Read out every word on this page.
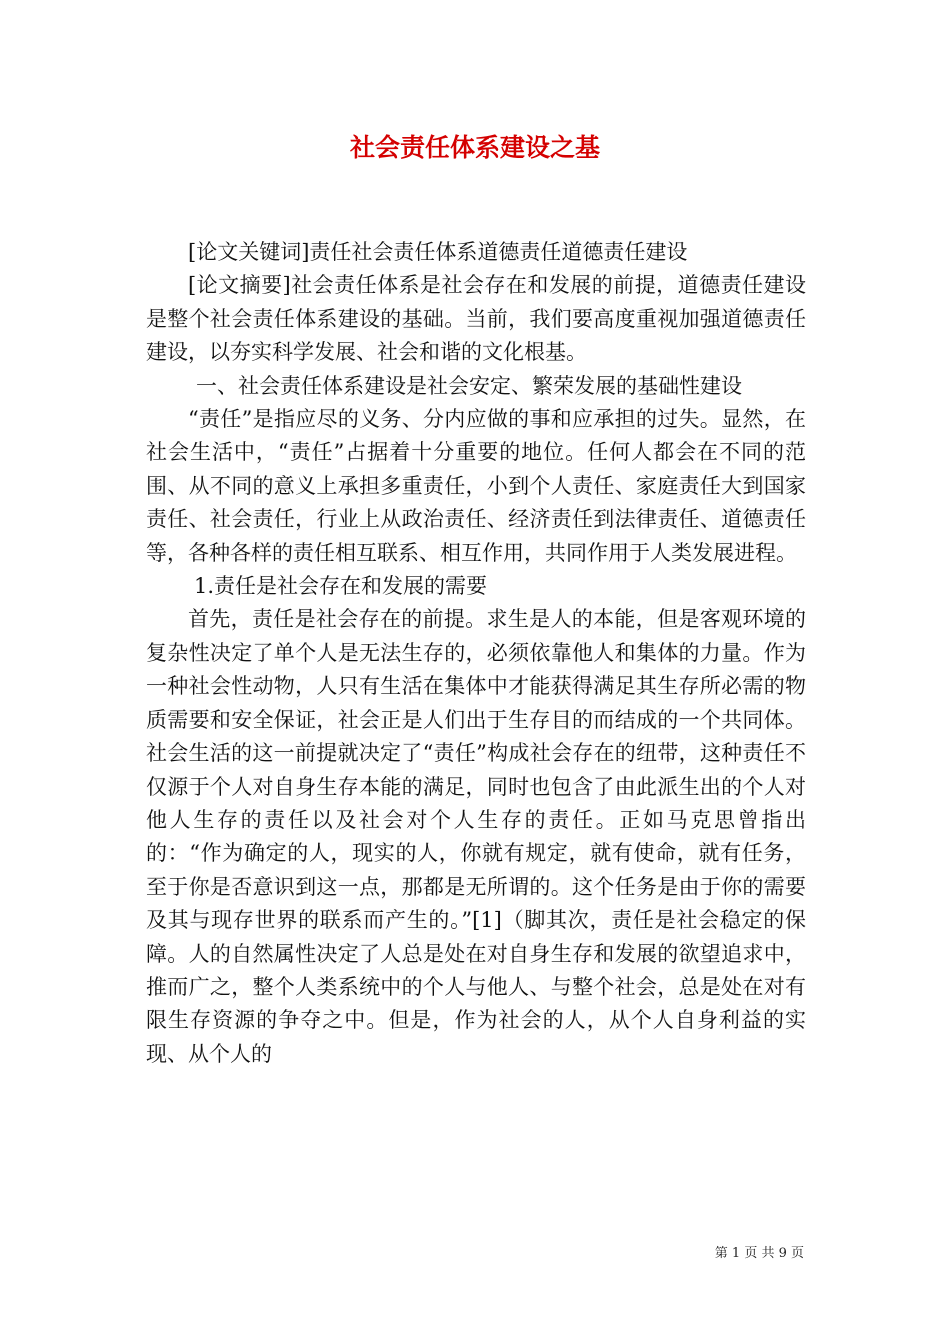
社会责任体系建设之基

[论文关键词]责任社会责任体系道德责任道德责任建设

[论文摘要]社会责任体系是社会存在和发展的前提，道德责任建设是整个社会责任体系建设的基础。当前，我们要高度重视加强道德责任建设，以夯实科学发展、社会和谐的文化根基。

一、社会责任体系建设是社会安定、繁荣发展的基础性建设

“责任”是指应尽的义务、分内应做的事和应承担的过失。显然，在社会生活中，“责任”占据着十分重要的地位。任何人都会在不同的范围、从不同的意义上承担多重责任，小到个人责任、家庭责任大到国家责任、社会责任，行业上从政治责任、经济责任到法律责任、道德责任等，各种各样的责任相互联系、相互作用，共同作用于人类发展进程。

1.责任是社会存在和发展的需要

首先，责任是社会存在的前提。求生是人的本能，但是客观环境的复杂性决定了单个人是无法生存的，必须依靠他人和集体的力量。作为一种社会性动物，人只有生活在集体中才能获得满足其生存所必需的物质需要和安全保证，社会正是人们出于生存目的而结成的一个共同体。社会生活的这一前提就决定了“责任”构成社会存在的纽带，这种责任不仅源于个人对自身生存本能的满足，同时也包含了由此派生出的个人对他人生存的责任以及社会对个人生存的责任。正如马克思曾指出的：“作为确定的人，现实的人，你就有规定，就有使命，就有任务，至于你是否意识到这一点，那都是无所谓的。这个任务是由于你的需要及其与现存世界的联系而产生的。”[1]（脚其次，责任是社会稳定的保障。人的自然属性决定了人总是处在对自身生存和发展的欲望追求中，推而广之，整个人类系统中的个人与他人、与整个社会，总是处在对有限生存资源的争夺之中。但是，作为社会的人，从个人自身利益的实现、从个人的

第 1 页 共 9 页
